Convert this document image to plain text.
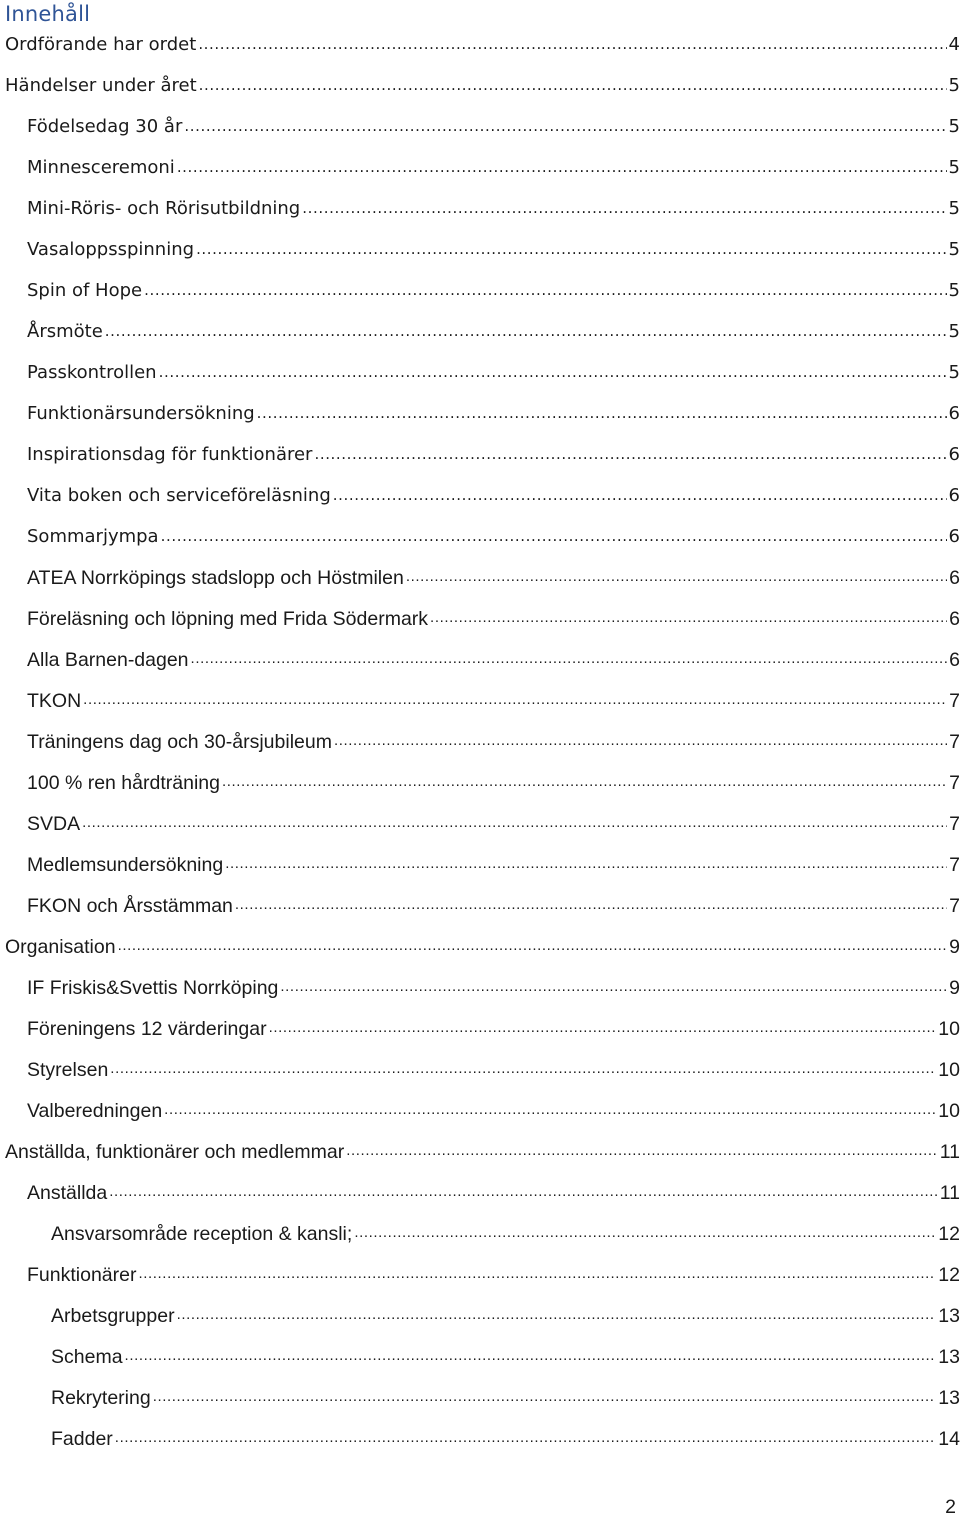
Innehåll
Ordförande har ordet .....	4
Händelser under året .....	5
Födelsedag 30 år .....	5
Minnesceremoni .....	5
Mini-Röris- och Rörisutbildning .....	5
Vasaloppsspinning .....	5
Spin of Hope .....	5
Årsmöte .....	5
Passkontrollen .....	5
Funktionärsundersökning .....	6
Inspirationsdag för funktionärer .....	6
Vita boken och serviceföreläsning .....	6
Sommarjympa .....	6
ATEA Norrköpings stadslopp och Höstmilen .....	6
Föreläsning och löpning med Frida Södermark .....	6
Alla Barnen-dagen .....	6
TKON .....	7
Träningens dag och 30-årsjubileum .....	7
100 % ren hårdträning .....	7
SVDA .....	7
Medlemsundersökning .....	7
FKON och Årsstämman .....	7
Organisation .....	9
IF Friskis&Svettis Norrköping .....	9
Föreningens 12 värderingar .....	10
Styrelsen .....	10
Valberedningen .....	10
Anställda, funktionärer och medlemmar .....	11
Anställda .....	11
Ansvarsområde reception & kansli; .....	12
Funktionärer .....	12
Arbetsgrupper .....	13
Schema .....	13
Rekrytering .....	13
Fadder .....	14
2
